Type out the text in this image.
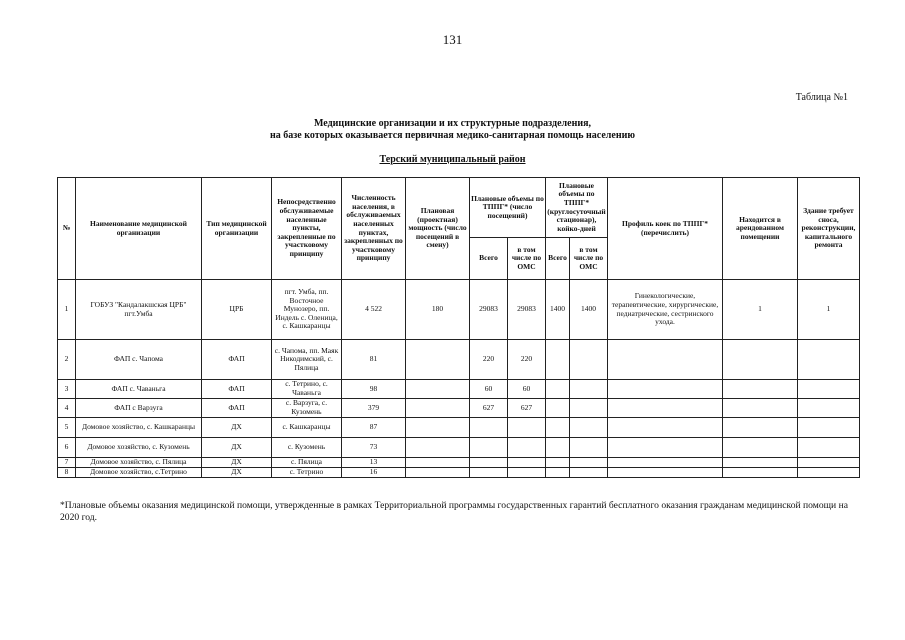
131
Таблица №1
Медицинские организации и их структурные подразделения,
на базе которых оказывается первичная медико-санитарная помощь населению
Терский муниципальный район
№	Наименование медицинской организации	Тип медицинской организации	Непосредственно обслуживаемые населенные пункты, закрепленные по участковому принципу	Численность населения, в обслуживаемых населенных пунктах, закрепленных по участковому принципу	Плановая (проектная) мощность (число посещений в смену)	Плановые объемы по ТППГ* (число посещений)		Плановые объемы по ТППГ* (круглосуточный стационар), койко-дней		Профиль коек по ТППГ* (перечислить)	Находится в арендованном помещении	Здание требует сноса, реконструкции, капитального ремонта
						Всего	в том числе по ОМС	Всего	в том числе по ОМС			
1	ГОБУЗ "Кандалакшская ЦРБ" пгт.Умба	ЦРБ	пгт. Умба, пп. Восточное Мунозеро, пп. Индель с. Оленица, с. Кашкаранцы	4 522	180	29083	29083	1400	1400	Гинекологические, терапевтические, хирургические, педиатрические, сестринского ухода.	1	1
2	ФАП с. Чапома	ФАП	с. Чапома, пп. Маяк Никодимский, с. Пялица	81		220	220					
3	ФАП с. Чаваньга	ФАП	с. Тетрино, с. Чаваньга	98		60	60					
4	ФАП с Варзуга	ФАП	с. Варзуга, с. Кузомень	379		627	627					
5	Домовое хозяйство, с. Кашкаранцы	ДХ	с. Кашкаранцы	87								
6	Домовое хозяйство, с. Кузомень	ДХ	с. Кузомень	73								
7	Домовое хозяйство, с. Пялица	ДХ	с. Пялица	13								
8	Домовое хозяйство, с.Тетрино	ДХ	с. Тетрино	16								
*Плановые объемы оказания медицинской помощи, утвержденные в рамках Территориальной программы государственных гарантий бесплатного оказания гражданам медицинской помощи на 2020 год.
